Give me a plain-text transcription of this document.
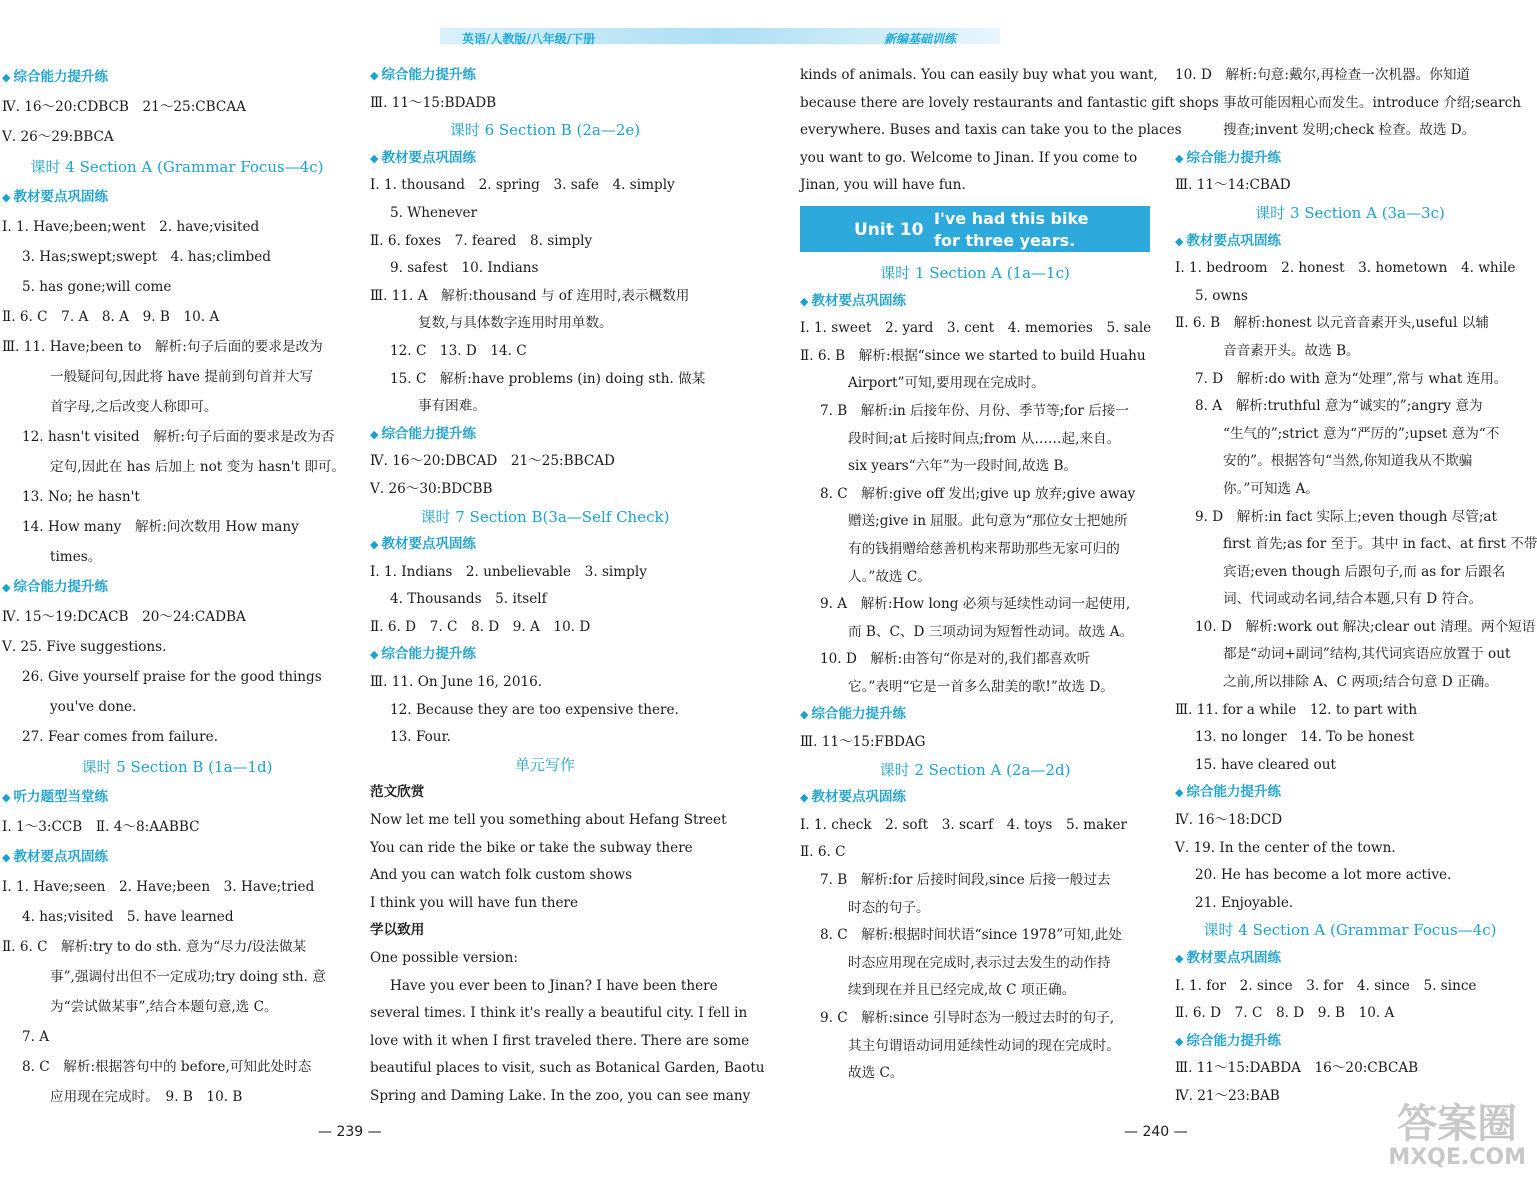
英语/人教版/八年级/下册	新编基础训练
◆ 综合能力提升练
Ⅳ. 16～20:CDBCB　21～25:CBCAA
Ⅴ. 26～29:BBCA
课时 4 Section A (Grammar Focus—4c)
◆ 教材要点巩固练
Ⅰ. 1. Have;been;went　2. have;visited
3. Has;swept;swept　4. has;climbed
5. has gone;will come
Ⅱ. 6. C　7. A　8. A　9. B　10. A
Ⅲ. 11. Have;been to　解析:句子后面的要求是改为
一般疑问句,因此将 have 提前到句首并大写
首字母,之后改变人称即可。
12. hasn't visited　解析:句子后面的要求是改为否
定句,因此在 has 后加上 not 变为 hasn't 即可。
13. No; he hasn't
14. How many　解析:问次数用 How many
times。
◆ 综合能力提升练
Ⅳ. 15～19:DCACB　20～24:CADBA
Ⅴ. 25. Five suggestions.
26. Give yourself praise for the good things
you've done.
27. Fear comes from failure.
课时 5 Section B (1a—1d)
◆ 听力题型当堂练
Ⅰ. 1～3:CCB　Ⅱ. 4～8:AABBC
◆ 教材要点巩固练
Ⅰ. 1. Have;seen　2. Have;been　3. Have;tried
4. has;visited　5. have learned
Ⅱ. 6. C　解析:try to do sth. 意为“尽力/设法做某
事”,强调付出但不一定成功;try doing sth. 意
为“尝试做某事”,结合本题句意,选 C。
7. A
8. C　解析:根据答句中的 before,可知此处时态
应用现在完成时。　9. B　10. B
◆ 综合能力提升练
Ⅲ. 11～15:BDADB
课时 6 Section B (2a—2e)
◆ 教材要点巩固练
Ⅰ. 1. thousand　2. spring　3. safe　4. simply
5. Whenever
Ⅱ. 6. foxes　7. feared　8. simply
9. safest　10. Indians
Ⅲ. 11. A　解析:thousand 与 of 连用时,表示概数用
复数,与具体数字连用时用单数。
12. C　13. D　14. C
15. C　解析:have problems (in) doing sth. 做某
事有困难。
◆ 综合能力提升练
Ⅳ. 16～20:DBCAD　21～25:BBCAD
Ⅴ. 26～30:BDCBB
课时 7 Section B(3a—Self Check)
◆ 教材要点巩固练
Ⅰ. 1. Indians　2. unbelievable　3. simply
4. Thousands　5. itself
Ⅱ. 6. D　7. C　8. D　9. A　10. D
◆ 综合能力提升练
Ⅲ. 11. On June 16, 2016.
12. Because they are too expensive there.
13. Four.
单元写作
范文欣赏
Now let me tell you something about Hefang Street
You can ride the bike or take the subway there
And you can watch folk custom shows
I think you will have fun there
学以致用
One possible version:
Have you ever been to Jinan? I have been there
several times. I think it's really a beautiful city. I fell in
love with it when I first traveled there. There are some
beautiful places to visit, such as Botanical Garden, Baotu
Spring and Daming Lake. In the zoo, you can see many
kinds of animals. You can easily buy what you want,
because there are lovely restaurants and fantastic gift shops
everywhere. Buses and taxis can take you to the places
you want to go. Welcome to Jinan. If you come to
Jinan, you will have fun.
Unit 10
I've had this bike
for three years.
课时 1 Section A (1a—1c)
◆ 教材要点巩固练
Ⅰ. 1. sweet　2. yard　3. cent　4. memories　5. sale
Ⅱ. 6. B　解析:根据“since we started to build Huahu
Airport”可知,要用现在完成时。
7. B　解析:in 后接年份、月份、季节等;for 后接一
段时间;at 后接时间点;from 从……起,来自。
six years“六年”为一段时间,故选 B。
8. C　解析:give off 发出;give up 放弃;give away
赠送;give in 屈服。此句意为“那位女士把她所
有的钱捐赠给慈善机构来帮助那些无家可归的
人。”故选 C。
9. A　解析:How long 必须与延续性动词一起使用,
而 B、C、D 三项动词为短暂性动词。故选 A。
10. D　解析:由答句“你是对的,我们都喜欢听
它。”表明“它是一首多么甜美的歌!”故选 D。
◆ 综合能力提升练
Ⅲ. 11～15:FBDAG
课时 2 Section A (2a—2d)
◆ 教材要点巩固练
Ⅰ. 1. check　2. soft　3. scarf　4. toys　5. maker
Ⅱ. 6. C
7. B　解析:for 后接时间段,since 后接一般过去
时态的句子。
8. C　解析:根据时间状语“since 1978”可知,此处
时态应用现在完成时,表示过去发生的动作持
续到现在并且已经完成,故 C 项正确。
9. C　解析:since 引导时态为一般过去时的句子,
其主句谓语动词用延续性动词的现在完成时。
故选 C。
10. D　解析:句意:戴尔,再检查一次机器。你知道
事故可能因粗心而发生。introduce 介绍;search
搜查;invent 发明;check 检查。故选 D。
◆ 综合能力提升练
Ⅲ. 11～14:CBAD
课时 3 Section A (3a—3c)
◆ 教材要点巩固练
Ⅰ. 1. bedroom　2. honest　3. hometown　4. while
5. owns
Ⅱ. 6. B　解析:honest 以元音音素开头,useful 以辅
音音素开头。故选 B。
7. D　解析:do with 意为“处理”,常与 what 连用。
8. A　解析:truthful 意为“诚实的”;angry 意为
“生气的”;strict 意为“严厉的”;upset 意为“不
安的”。根据答句“当然,你知道我从不欺骗
你。”可知选 A。
9. D　解析:in fact 实际上;even though 尽管;at
first 首先;as for 至于。其中 in fact、at first 不带
宾语;even though 后跟句子,而 as for 后跟名
词、代词或动名词,结合本题,只有 D 符合。
10. D　解析:work out 解决;clear out 清理。两个短语
都是“动词+副词”结构,其代词宾语应放置于 out
之前,所以排除 A、C 两项;结合句意 D 正确。
Ⅲ. 11. for a while　12. to part with
13. no longer　14. To be honest
15. have cleared out
◆ 综合能力提升练
Ⅳ. 16～18:DCD
Ⅴ. 19. In the center of the town.
20. He has become a lot more active.
21. Enjoyable.
课时 4 Section A (Grammar Focus—4c)
◆ 教材要点巩固练
Ⅰ. 1. for　2. since　3. for　4. since　5. since
Ⅱ. 6. D　7. C　8. D　9. B　10. A
◆ 综合能力提升练
Ⅲ. 11～15:DABDA　16～20:CBCAB
Ⅳ. 21～23:BAB
— 239 —	— 240 —	答案圈
MXQE.COM
